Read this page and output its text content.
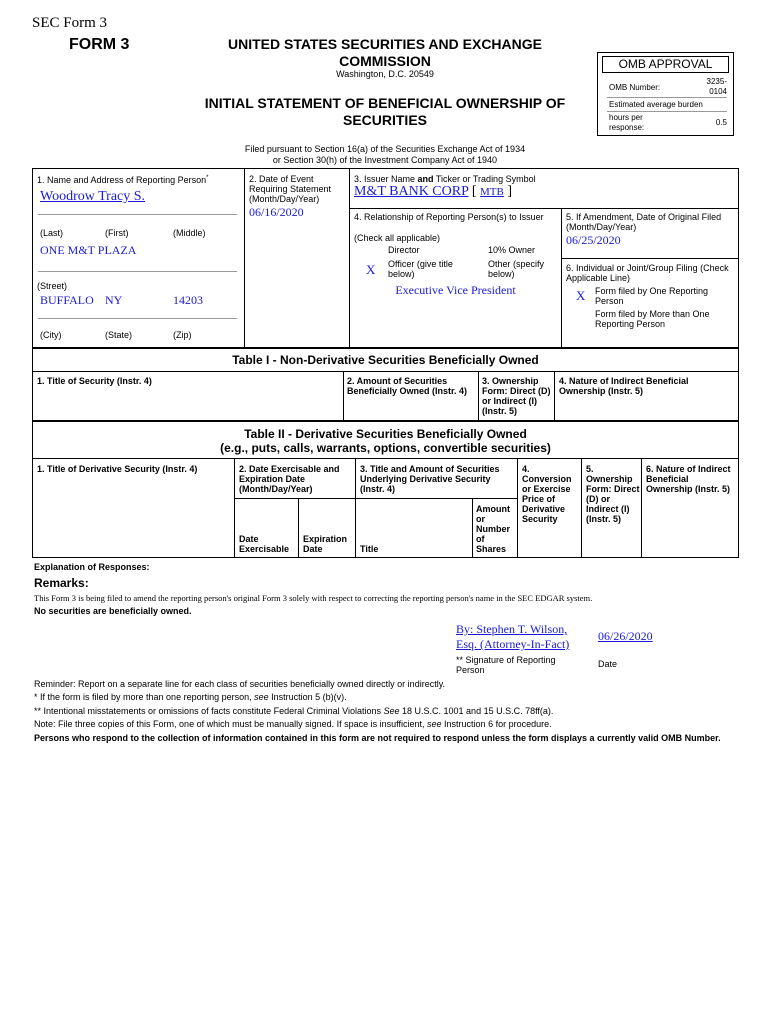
SEC Form 3
FORM 3	UNITED STATES SECURITIES AND EXCHANGE
COMMISSION
Washington, D.C. 20549
INITIAL STATEMENT OF BENEFICIAL OWNERSHIP OF
SECURITIES
OMB APPROVAL
OMB Number:
3235-
0104
Estimated average burden
hours per
response:
0.5
Filed pursuant to Section 16(a) of the Securities Exchange Act of 1934
or Section 30(h) of the Investment Company Act of 1940
1. Name and Address of Reporting Person*
Woodrow Tracy S.
(Last)	(First)	(Middle)
ONE M&T PLAZA
(Street)
BUFFALO NY	14203
(City)	(State)	(Zip)
2. Date of Event Requiring Statement (Month/Day/Year)
06/16/2020
3. Issuer Name and Ticker or Trading Symbol
M&T BANK CORP [ MTB ]
4. Relationship of Reporting Person(s) to Issuer
(Check all applicable)
Director	10% Owner
X Officer (give title below)
Other (specify below)
Executive Vice President
5. If Amendment, Date of Original Filed (Month/Day/Year)
06/25/2020
6. Individual or Joint/Group Filing (Check Applicable Line)
X Form filed by One Reporting Person
Form filed by More than One Reporting Person
Table I - Non-Derivative Securities Beneficially Owned
1. Title of Security (Instr. 4)	2. Amount of Securities Beneficially Owned (Instr. 4)
3. Ownership Form: Direct (D) or Indirect (I) (Instr. 5)
4. Nature of Indirect Beneficial Ownership (Instr. 5)
Table II - Derivative Securities Beneficially Owned
(e.g., puts, calls, warrants, options, convertible securities)
1. Title of Derivative Security (Instr. 4)	2. Date Exercisable and Expiration Date (Month/Day/Year)
3. Title and Amount of Securities Underlying Derivative Security (Instr. 4)
4. Conversion or Exercise Price of Derivative Security
5. Ownership Form: Direct (D) or Indirect (I) (Instr. 5)
6. Nature of Indirect Beneficial Ownership (Instr. 5)
Date Exercisable
Expiration Date	Title
Amount or Number of Shares
Explanation of Responses:
Remarks:
This Form 3 is being filed to amend the reporting person's original Form 3 solely with respect to correcting the reporting person's name in the SEC EDGAR system.
No securities are beneficially owned.
By: Stephen T. Wilson,
Esq. (Attorney-In-Fact)
06/26/2020
** Signature of Reporting Person
Date
Reminder: Report on a separate line for each class of securities beneficially owned directly or indirectly.
* If the form is filed by more than one reporting person, see Instruction 5 (b)(v).
** Intentional misstatements or omissions of facts constitute Federal Criminal Violations See 18 U.S.C. 1001 and 15 U.S.C. 78ff(a).
Note: File three copies of this Form, one of which must be manually signed. If space is insufficient, see Instruction 6 for procedure.
Persons who respond to the collection of information contained in this form are not required to respond unless the form displays a currently valid OMB Number.
